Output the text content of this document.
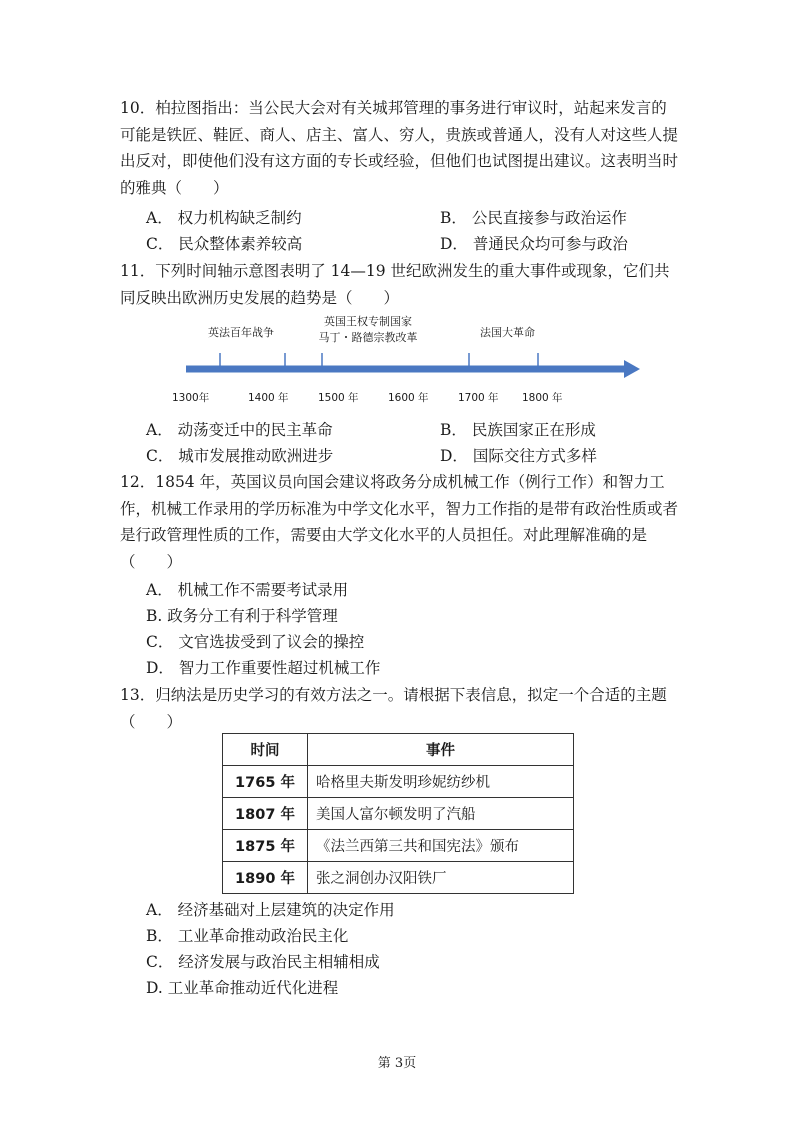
10．柏拉图指出：当公民大会对有关城邦管理的事务进行审议时，站起来发言的可能是铁匠、鞋匠、商人、店主、富人、穷人，贵族或普通人，没有人对这些人提出反对，即使他们没有这方面的专长或经验，但他们也试图提出建议。这表明当时的雅典（　　）

A． 权力机构缺乏制约	B． 公民直接参与政治运作
C． 民众整体素养较高	D． 普通民众均可参与政治

11．下列时间轴示意图表明了 14—19 世纪欧洲发生的重大事件或现象，它们共同反映出欧洲历史发展的趋势是（　　）

英法百年战争
英国王权专制国家
马丁・路德宗教改革	法国大革命
1300年	1400 年	1500 年	1600 年	1700 年 1800 年
A． 动荡变迁中的民主革命	B． 民族国家正在形成
C． 城市发展推动欧洲进步	D． 国际交往方式多样

12．1854 年，英国议员向国会建议将政务分成机械工作（例行工作）和智力工作，机械工作录用的学历标准为中学文化水平，智力工作指的是带有政治性质或者是行政管理性质的工作，需要由大学文化水平的人员担任。对此理解准确的是（　　）

A． 机械工作不需要考试录用
B. 政务分工有利于科学管理
C． 文官选拔受到了议会的操控
D． 智力工作重要性超过机械工作

13．归纳法是历史学习的有效方法之一。请根据下表信息，拟定一个合适的主题（　　）

时间	事件
1765 年	哈格里夫斯发明珍妮纺纱机
1807 年	美国人富尔顿发明了汽船
1875 年	《法兰西第三共和国宪法》颁布
1890 年	张之洞创办汉阳铁厂
A． 经济基础对上层建筑的决定作用
B． 工业革命推动政治民主化
C． 经济发展与政治民主相辅相成
D. 工业革命推动近代化进程
第 3页
